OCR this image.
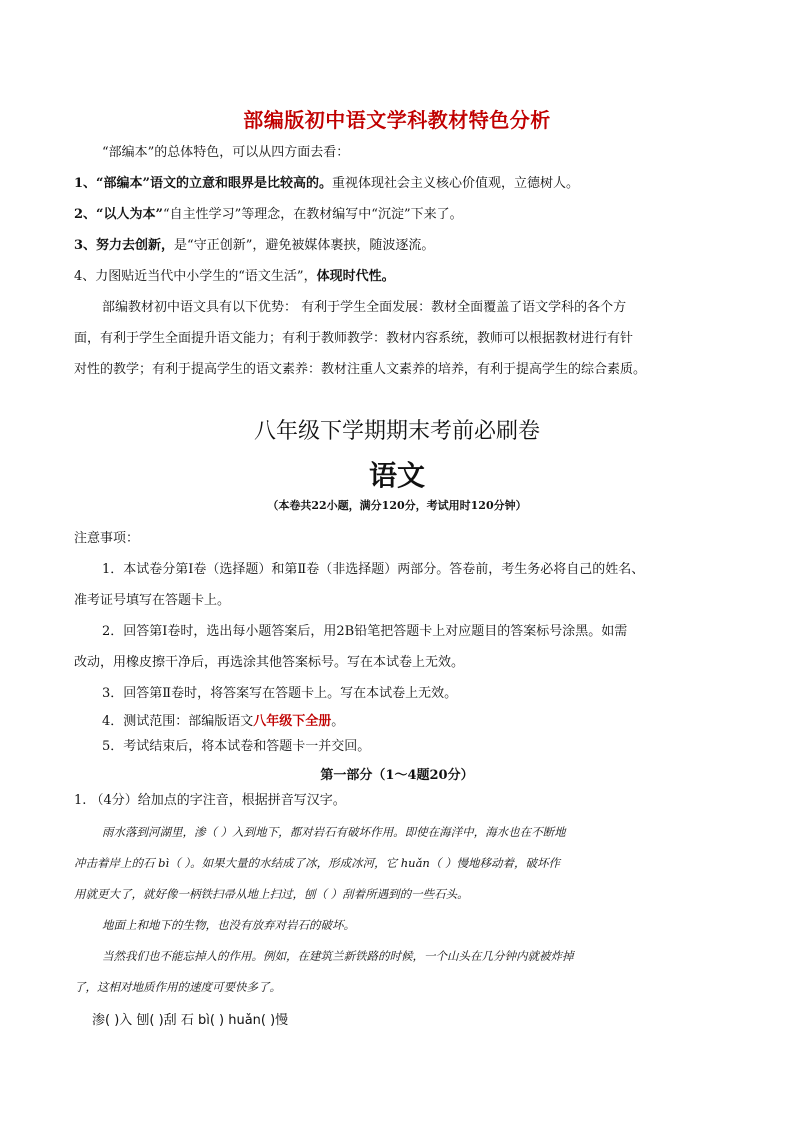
部编版初中语文学科教材特色分析
“部编本”的总体特色，可以从四方面去看：
1、“部编本”语文的立意和眼界是比较高的。重视体现社会主义核心价值观，立德树人。
2、“以人为本”“自主性学习”等理念，在教材编写中“沉淀”下来了。
3、努力去创新，是“守正创新”，避免被媒体裹挟，随波逐流。
4、力图贴近当代中小学生的“语文生活”，体现时代性。
部编教材初中语文具有以下优势： 有利于学生全面发展：教材全面覆盖了语文学科的各个方
面，有利于学生全面提升语文能力；有利于教师教学：教材内容系统，教师可以根据教材进行有针
对性的教学；有利于提高学生的语文素养：教材注重人文素养的培养，有利于提高学生的综合素质。
八年级下学期期末考前必刷卷
语文
（本卷共22小题，满分120分，考试用时120分钟）
注意事项：
1．本试卷分第Ⅰ卷（选择题）和第Ⅱ卷（非选择题）两部分。答卷前，考生务必将自己的姓名、
准考证号填写在答题卡上。
2．回答第Ⅰ卷时，选出每小题答案后，用2B铅笔把答题卡上对应题目的答案标号涂黑。如需
改动，用橡皮擦干净后，再选涂其他答案标号。写在本试卷上无效。
3．回答第Ⅱ卷时，将答案写在答题卡上。写在本试卷上无效。
4．测试范围：部编版语文八年级下全册。
5．考试结束后，将本试卷和答题卡一并交回。
第一部分（1～4题20分）
1. （4分）给加点的字注音，根据拼音写汉字。
雨水落到河湖里，渗（ ）入到地下，都对岩石有破坏作用。即使在海洋中，海水也在不断地
冲击着岸上的石 bì（ ）。如果大量的水结成了冰，形成冰河，它 huǎn（ ）慢地移动着，破坏作
用就更大了，就好像一柄铁扫帚从地上扫过，刨（ ）刮着所遇到的一些石头。
地面上和地下的生物，也没有放弃对岩石的破坏。
当然我们也不能忘掉人的作用。例如，在建筑兰新铁路的时候，一个山头在几分钟内就被炸掉
了，这相对地质作用的速度可要快多了。
渗( )入 刨( )刮 石 bì( ) huǎn( )慢
